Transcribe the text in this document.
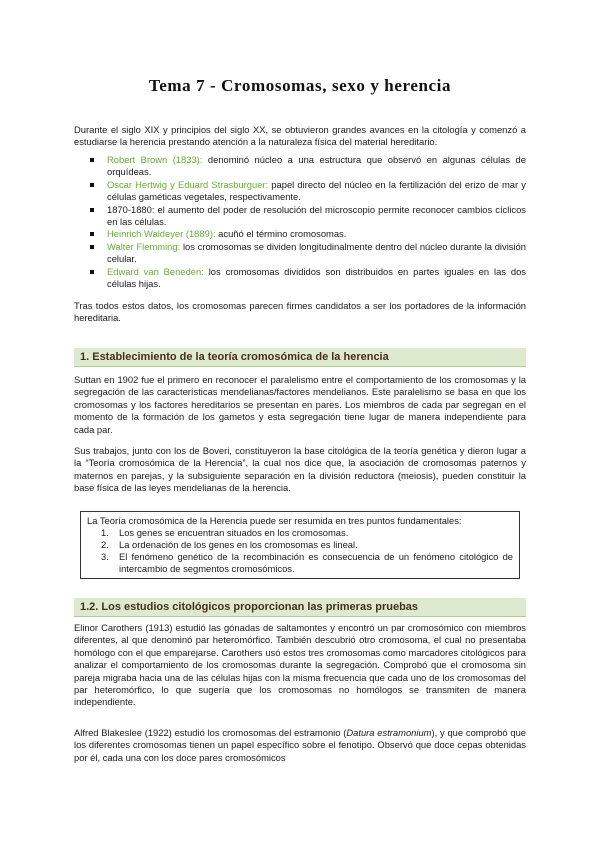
Tema 7 - Cromosomas, sexo y herencia

Durante el siglo XIX y principios del siglo XX, se obtuvieron grandes avances en la citología y comenzó a estudiarse la herencia prestando atención a la naturaleza física del material hereditario.

Robert Brown (1833): denominó núcleo a una estructura que observó en algunas células de orquídeas.
Oscar Hertwig y Eduard Strasburguer: papel directo del núcleo en la fertilización del erizo de mar y células gaméticas vegetales, respectivamente.
1870-1880: el aumento del poder de resolución del microscopio permite reconocer cambios cíclicos en las células.
Heinrich Waldeyer (1889): acuñó el término cromosomas.
Walter Flemming: los cromosomas se dividen longitudinalmente dentro del núcleo durante la división celular.
Edward van Beneden: los cromosomas divididos son distribuidos en partes iguales en las dos células hijas.

Tras todos estos datos, los cromosomas parecen firmes candidatos a ser los portadores de la información hereditaria.

1. Establecimiento de la teoría cromosómica de la herencia

Suttan en 1902 fue el primero en reconocer el paralelismo entre el comportamiento de los cromosomas y la segregación de las características mendelianas/factores mendelianos. Este paralelismo se basa en que los cromosomas y los factores hereditarios se presentan en pares. Los miembros de cada par segregan en el momento de la formación de los gametos y esta segregación tiene lugar de manera independiente para cada par.

Sus trabajos, junto con los de Boveri, constituyeron la base citológica de la teoría genética y dieron lugar a la “Teoría cromosómica de la Herencia”, la cual nos dice que, la asociación de cromosomas paternos y maternos en parejas, y la subsiguiente separación en la división reductora (meiosis), pueden constituir la base física de las leyes mendelianas de la herencia.

La Teoría cromosómica de la Herencia puede ser resumida en tres puntos fundamentales:
1. Los genes se encuentran situados en los cromosomas.
2. La ordenación de los genes en los cromosomas es lineal.
3. El fenómeno genético de la recombinación es consecuencia de un fenómeno citológico de intercambio de segmentos cromosómicos.
1.2. Los estudios citológicos proporcionan las primeras pruebas

Elinor Carothers (1913) estudió las gónadas de saltamontes y encontró un par cromosómico con miembros diferentes, al que denominó par heteromórfico. También descubrió otro cromosoma, el cual no presentaba homólogo con el que emparejarse. Carothers usó estos tres cromosomas como marcadores citológicos para analizar el comportamiento de los cromosomas durante la segregación. Comprobó que el cromosoma sin pareja migraba hacia una de las células hijas con la misma frecuencia que cada uno de los cromosomas del par heteromórfico, lo que sugería que los cromosomas no homólogos se transmiten de manera independiente.

Alfred Blakeslee (1922) estudió los cromosomas del estramonio (Datura estramonium), y que comprobó que los diferentes cromosomas tienen un papel específico sobre el fenotipo. Observó que doce cepas obtenidas por él, cada una con los doce pares cromosómicos
